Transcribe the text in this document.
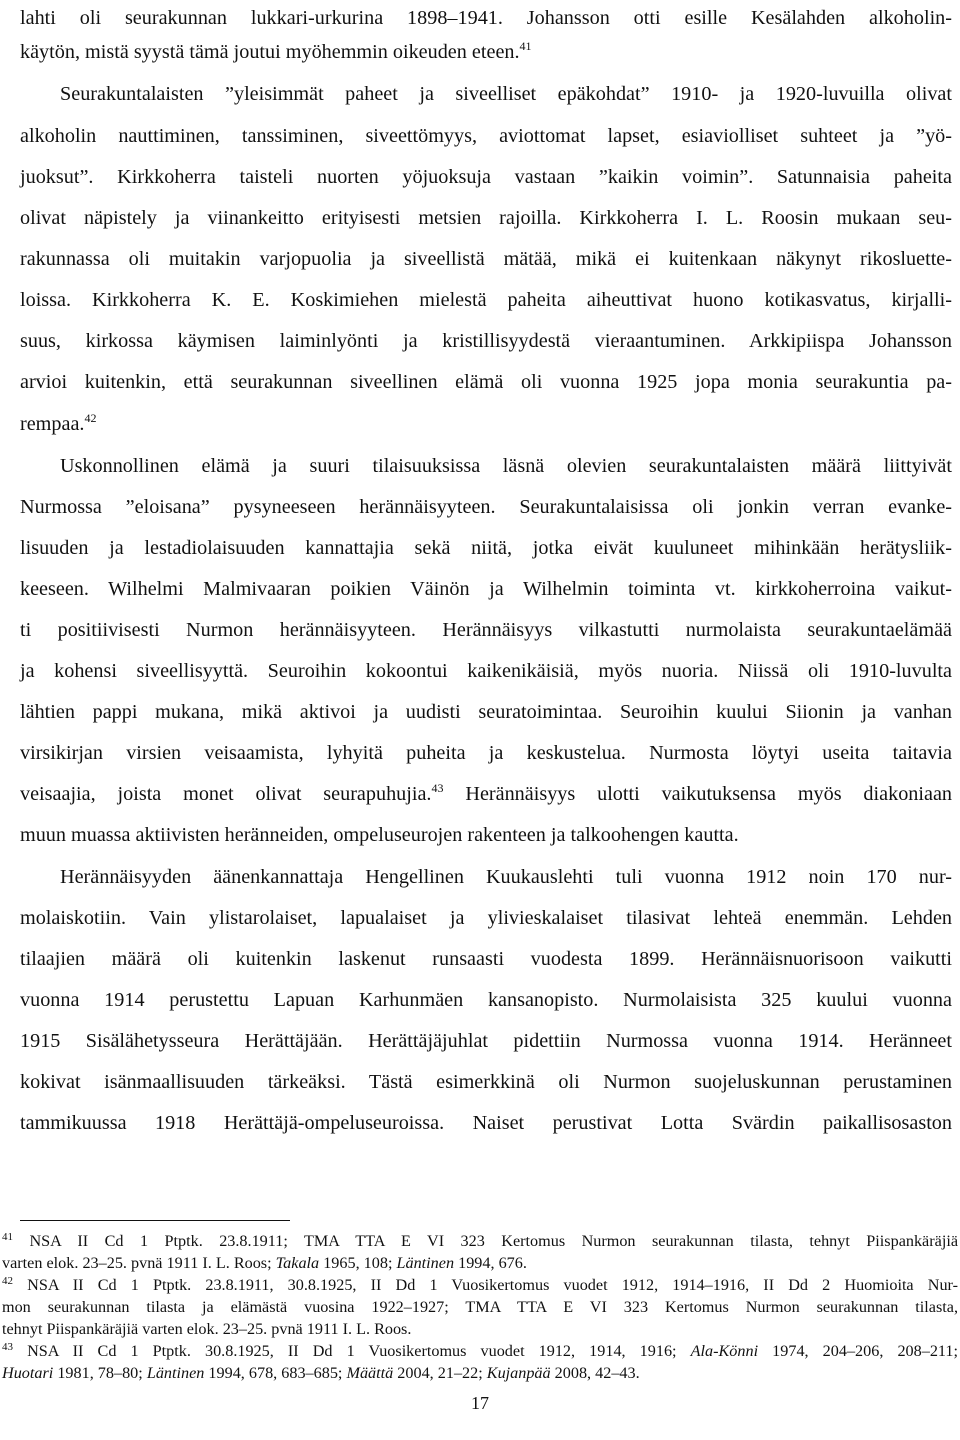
lahti oli seurakunnan lukkari-urkurina 1898–1941. Johansson otti esille Kesälahden alkoholin-
käytön, mistä syystä tämä joutui myöhemmin oikeuden eteen.$^{41}$
Seurakuntalaisten ”yleisimmät paheet ja siveelliset epäkohdat” 1910- ja 1920-luvuilla olivat
alkoholin nauttiminen, tanssiminen, siveettömyys, aviottomat lapset, esiaviolliset suhteet ja ”yö-
juoksut”. Kirkkoherra taisteli nuorten yöjuoksuja vastaan ”kaikin voimin”. Satunnaisia paheita
olivat näpistely ja viinankeitto erityisesti metsien rajoilla. Kirkkoherra I. L. Roosin mukaan seu-
rakunnassa oli muitakin varjopuolia ja siveellistä mätää, mikä ei kuitenkaan näkynyt rikosluette-
loissa. Kirkkoherra K. E. Koskimiehen mielestä paheita aiheuttivat huono kotikasvatus, kirjalli-
suus, kirkossa käymisen laiminlyönti ja kristillisyydestä vieraantuminen. Arkkipiispa Johansson
arvioi kuitenkin, että seurakunnan siveellinen elämä oli vuonna 1925 jopa monia seurakuntia pa-
rempaa.$^{42}$
Uskonnollinen elämä ja suuri tilaisuuksissa läsnä olevien seurakuntalaisten määrä liittyivät
Nurmossa ”eloisana” pysyneeseen herännäisyyteen. Seurakuntalaisissa oli jonkin verran evanke-
lisuuden ja lestadiolaisuuden kannattajia sekä niitä, jotka eivät kuuluneet mihinkään herätysliik-
keeseen. Wilhelmi Malmivaaran poikien Väinön ja Wilhelmin toiminta vt. kirkkoherroina vaikut-
ti positiivisesti Nurmon herännäisyyteen. Herännäisyys vilkastutti nurmolaista seurakuntaelämää
ja kohensi siveellisyyttä. Seuroihin kokoontui kaikenikäisiä, myös nuoria. Niissä oli 1910-luvulta
lähtien pappi mukana, mikä aktivoi ja uudisti seuratoimintaa. Seuroihin kuului Siionin ja vanhan
virsikirjan virsien veisaamista, lyhyitä puheita ja keskustelua. Nurmosta löytyi useita taitavia
veisaajia, joista monet olivat seurapuhujia.$^{43}$ Herännäisyys ulotti vaikutuksensa myös diakoniaan
muun muassa aktiivisten heränneiden, ompeluseurojen rakenteen ja talkoohengen kautta.
Herännäisyyden äänenkannattaja Hengellinen Kuukauslehti tuli vuonna 1912 noin 170 nur-
molaiskotiin. Vain ylistarolaiset, lapualaiset ja ylivieskalaiset tilasivat lehteä enemmän. Lehden
tilaajien määrä oli kuitenkin laskenut runsaasti vuodesta 1899. Herännäisnuorisoon vaikutti
vuonna 1914 perustettu Lapuan Karhunmäen kansanopisto. Nurmolaisista 325 kuului vuonna
1915 Sisälähetysseura Herättäjään. Herättäjäjuhlat pidettiin Nurmossa vuonna 1914. Heränneet
kokivat isänmaallisuuden tärkeäksi. Tästä esimerkkinä oli Nurmon suojeluskunnan perustaminen
tammikuussa 1918 Herättäjä-ompeluseuroissa. Naiset perustivat Lotta Svärdin paikallisosaston
$^{41}$ NSA II Cd 1 Ptptk. 23.8.1911; TMA TTA E VI 323 Kertomus Nurmon seurakunnan tilasta, tehnyt Piispankäräjiä
varten elok. 23–25. pvnä 1911 I. L. Roos; Takala 1965, 108; Läntinen 1994, 676.
$^{42}$ NSA II Cd 1 Ptptk. 23.8.1911, 30.8.1925, II Dd 1 Vuosikertomus vuodet 1912, 1914–1916, II Dd 2 Huomioita Nur-
mon seurakunnan tilasta ja elämästä vuosina 1922–1927; TMA TTA E VI 323 Kertomus Nurmon seurakunnan tilasta,
tehnyt Piispankäräjiä varten elok. 23–25. pvnä 1911 I. L. Roos.
$^{43}$ NSA II Cd 1 Ptptk. 30.8.1925, II Dd 1 Vuosikertomus vuodet 1912, 1914, 1916; Ala-Könni 1974, 204–206, 208–211;
Huotari 1981, 78–80; Läntinen 1994, 678, 683–685; Määttä 2004, 21–22; Kujanpää 2008, 42–43.
17
